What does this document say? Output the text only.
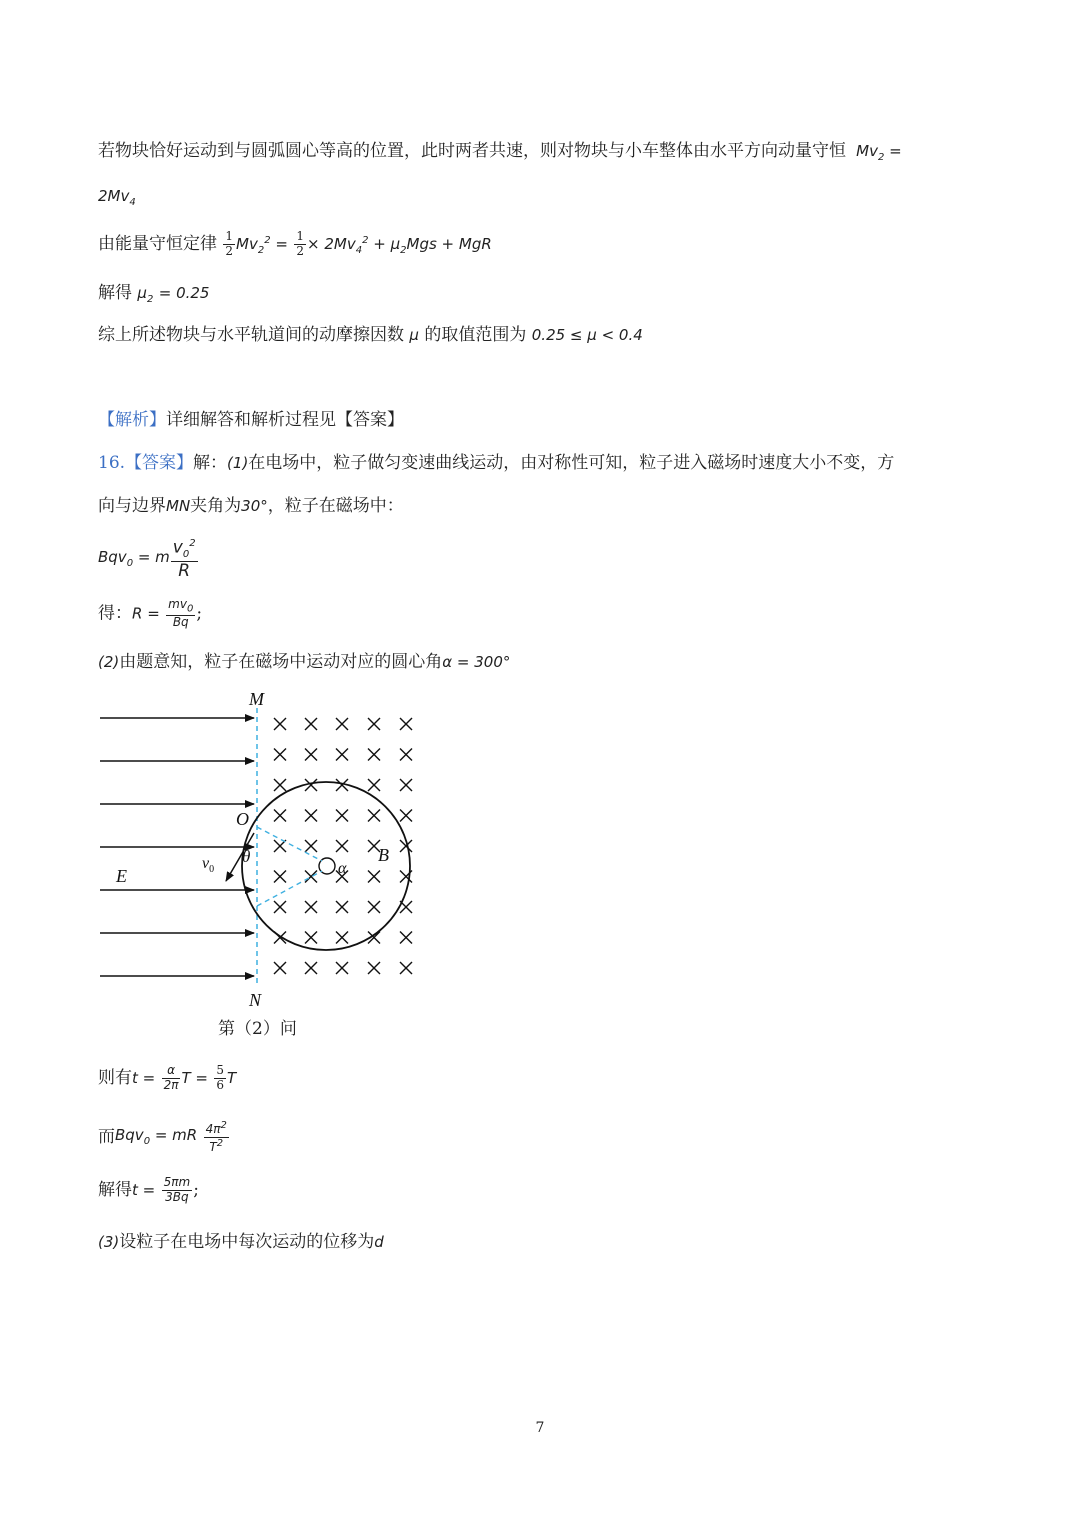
若物块恰好运动到与圆弧圆心等高的位置，此时两者共速，则对物块与小车整体由水平方向动量守恒  $Mv_2$ =
$2Mv_4$
由能量守恒定律 $\frac{1}{2} Mv_2^2 = \frac{1}{2} \times 2Mv_4^2 + \mu_2Mgs$ + MgR
解得 $\mu_2 = 0.25$
综上所述物块与水平轨道间的动摩擦因数 μ 的取值范围为 0.25 ≤ μ < 0.4
【解析】详细解答和解析过程见【答案】
16.【答案】解：(1)在电场中，粒子做匀变速曲线运动，由对称性可知，粒子进入磁场时速度大小不变，方
向与边界MN夹角为30°，粒子在磁场中：
Bqv$_0$ = m $\frac{v_0^2}{R}$
得：$R = \frac{mv_0}{Bq}$ ;
(2)由题意知，粒子在磁场中运动对应的圆心角α = 300°
M
N
O
E
B
θ
α
$v_0$
第（2）问
则有$t = \frac{\alpha}{2\pi}$ $T = \frac{5}{6}$ T
而Bqv$_0$ = mR $\frac{4\pi^2}{T^2}$
解得$t = \frac{5\pi m}{3Bq}$ ;
(3)设粒子在电场中每次运动的位移为d
7
